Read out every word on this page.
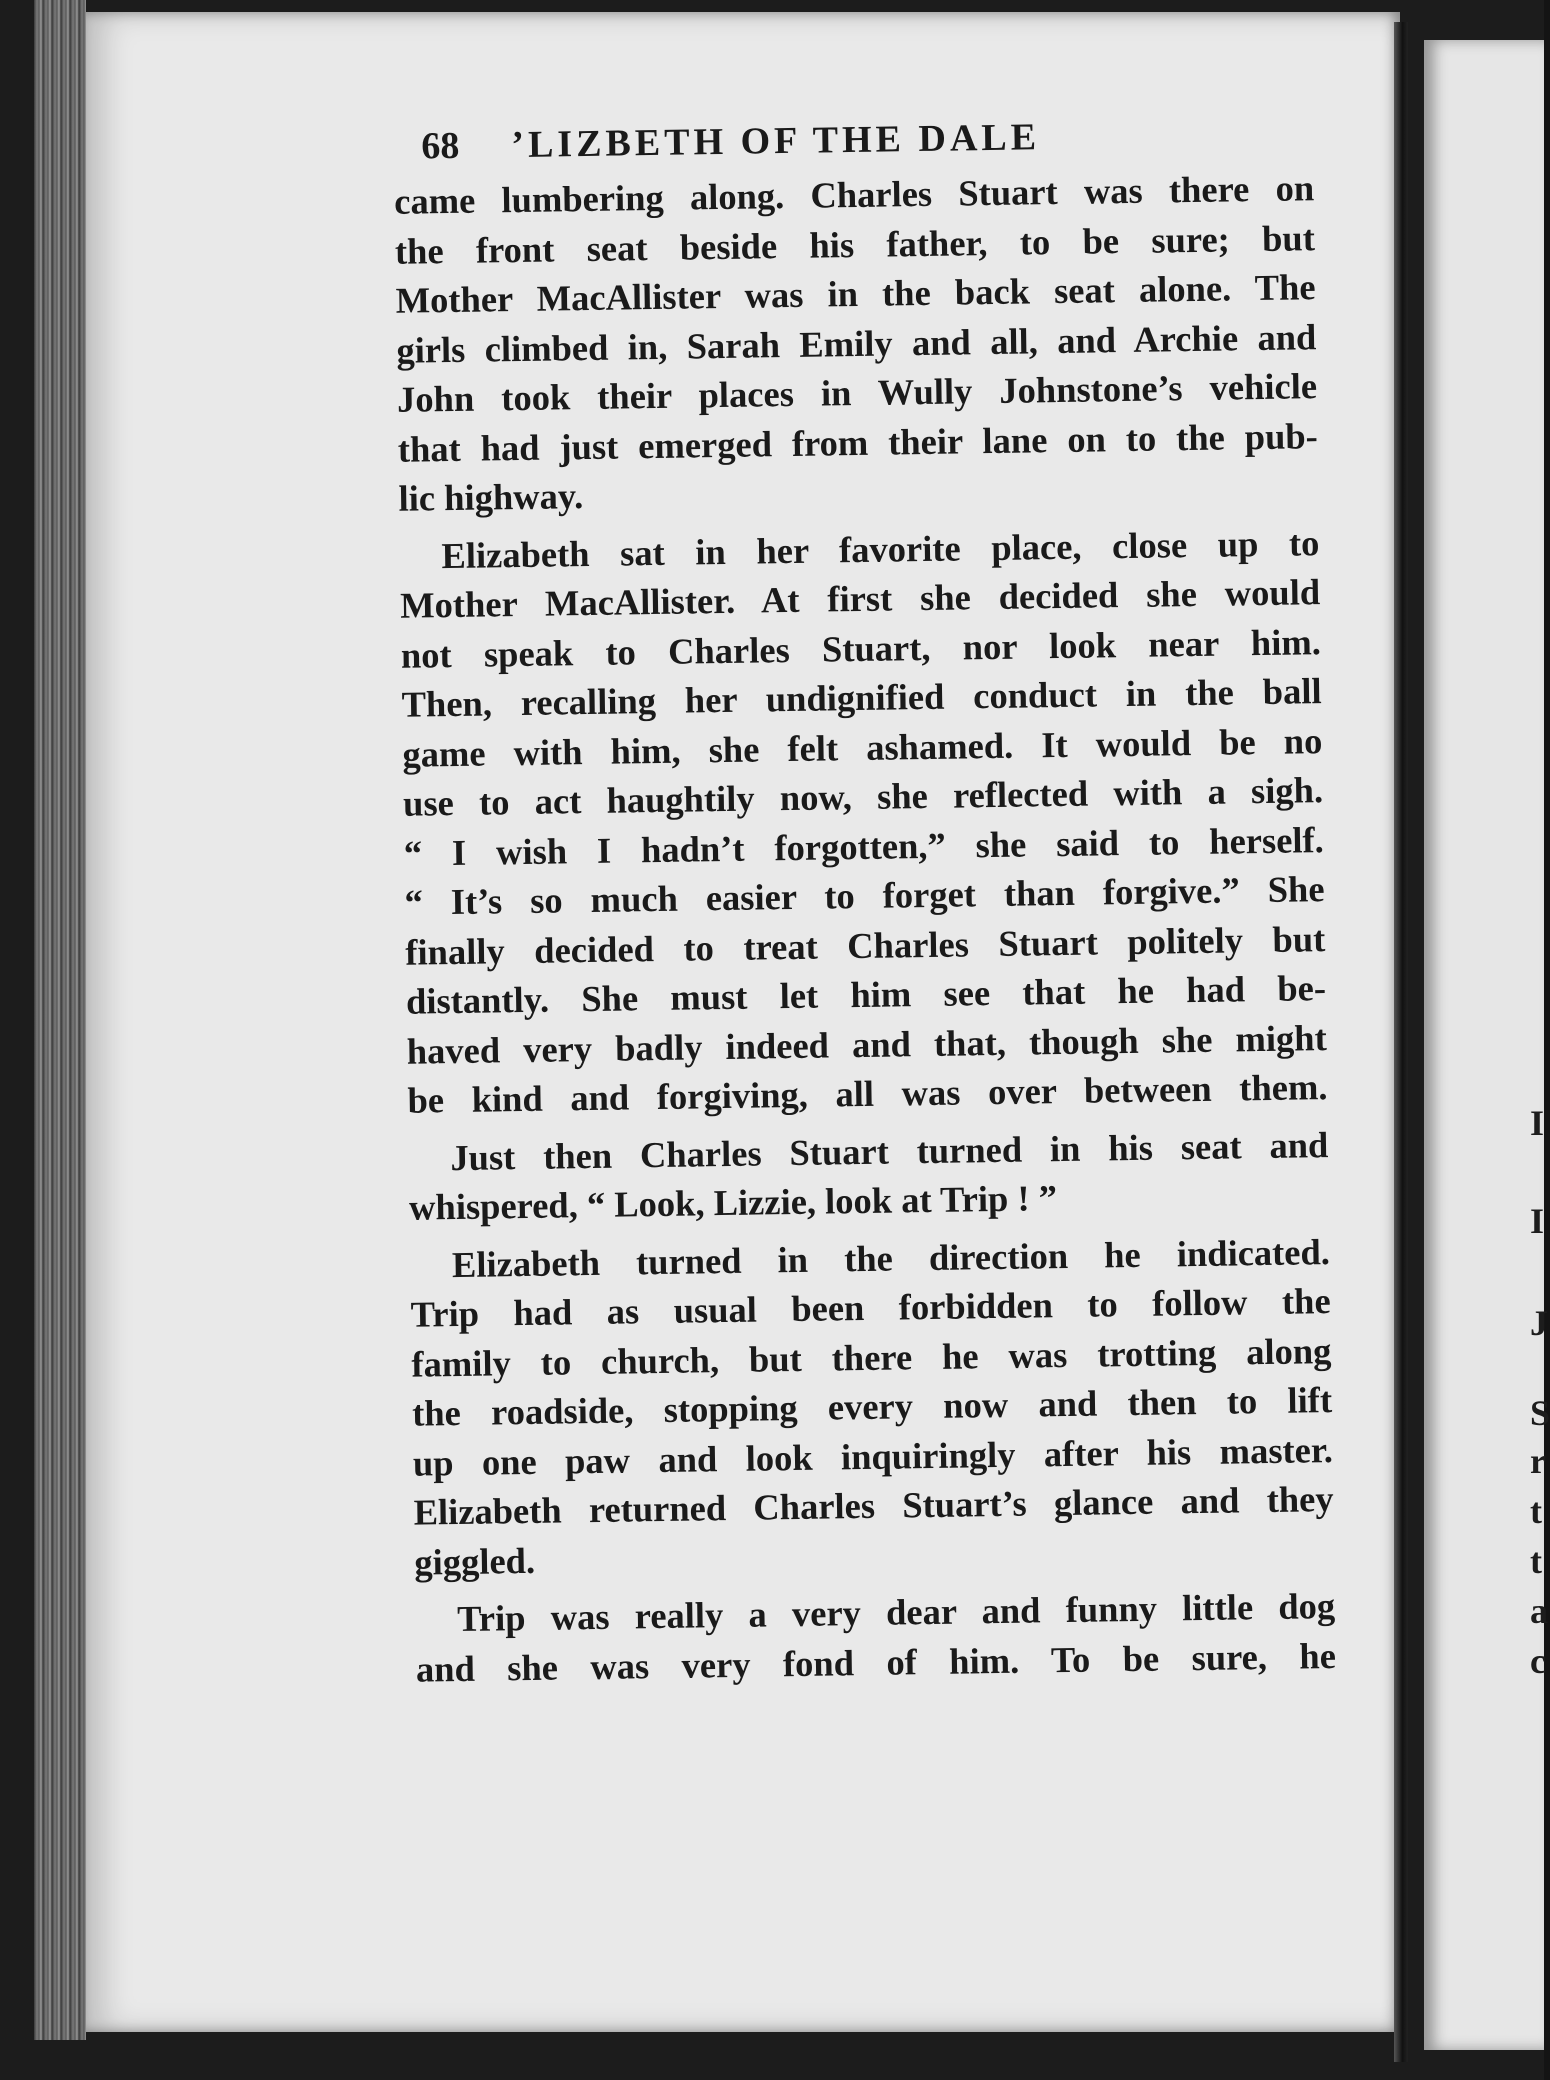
I
I
J
S
r
t
t
a
c
68	’LIZBETH OF THE DALE
came lumbering along. Charles Stuart was there on
the front seat beside his father, to be sure; but
Mother MacAllister was in the back seat alone. The
girls climbed in, Sarah Emily and all, and Archie and
John took their places in Wully Johnstone’s vehicle
that had just emerged from their lane on to the pub-
lic highway.
Elizabeth sat in her favorite place, close up to
Mother MacAllister. At first she decided she would
not speak to Charles Stuart, nor look near him.
Then, recalling her undignified conduct in the ball
game with him, she felt ashamed. It would be no
use to act haughtily now, she reflected with a sigh.
“ I wish I hadn’t forgotten,” she said to herself.
“ It’s so much easier to forget than forgive.” She
finally decided to treat Charles Stuart politely but
distantly. She must let him see that he had be-
haved very badly indeed and that, though she might
be kind and forgiving, all was over between them.
Just then Charles Stuart turned in his seat and
whispered, “ Look, Lizzie, look at Trip ! ”
Elizabeth turned in the direction he indicated.
Trip had as usual been forbidden to follow the
family to church, but there he was trotting along
the roadside, stopping every now and then to lift
up one paw and look inquiringly after his master.
Elizabeth returned Charles Stuart’s glance and they
giggled.
Trip was really a very dear and funny little dog
and she was very fond of him. To be sure, he
